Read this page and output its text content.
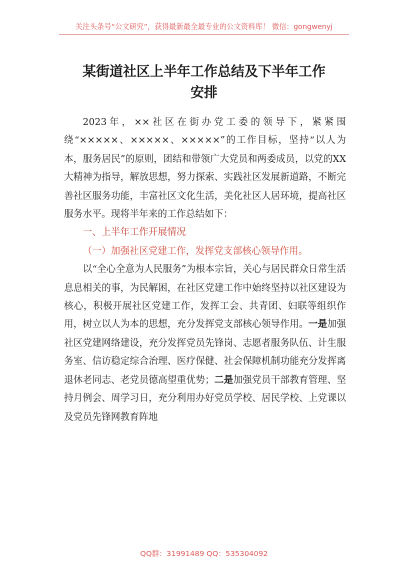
关注头条号“公文研究”，获得最新最全最专业的公文资料库！ 微信：gongwenyj
某街道社区上半年工作总结及下半年工作
安排

2023年，××社区在街办党工委的领导下，紧紧围绕“×××××、×××××、×××××”的工作目标，坚持“以人为本，服务居民”的原则，团结和带领广大党员和两委成员，以党的XX大精神为指导，解放思想，努力探索、实践社区发展新道路，不断完善社区服务功能，丰富社区文化生活，美化社区人居环境，提高社区服务水平。现将半年来的工作总结如下：

一、上半年工作开展情况

（一）加强社区党建工作，发挥党支部核心领导作用。

以“全心全意为人民服务”为根本宗旨，关心与居民群众日常生活息息相关的事，为民解困，在社区党建工作中始终坚持以社区建设为核心，积极开展社区党建工作，发挥工会、共青团、妇联等组织作用，树立以人为本的思想，充分发挥党支部核心领导作用。一是加强社区党建网络建设，充分发挥党员先锋岗、志愿者服务队伍、计生服务室、信访稳定综合治理、医疗保健、社会保障机制功能充分发挥离退休老同志、老党员德高望重优势；二是加强党员干部教育管理、坚持月例会、周学习日，充分利用办好党员学校、居民学校、上党课以及党员先锋网教育阵地

QQ群：31991489 QQ：535304092
